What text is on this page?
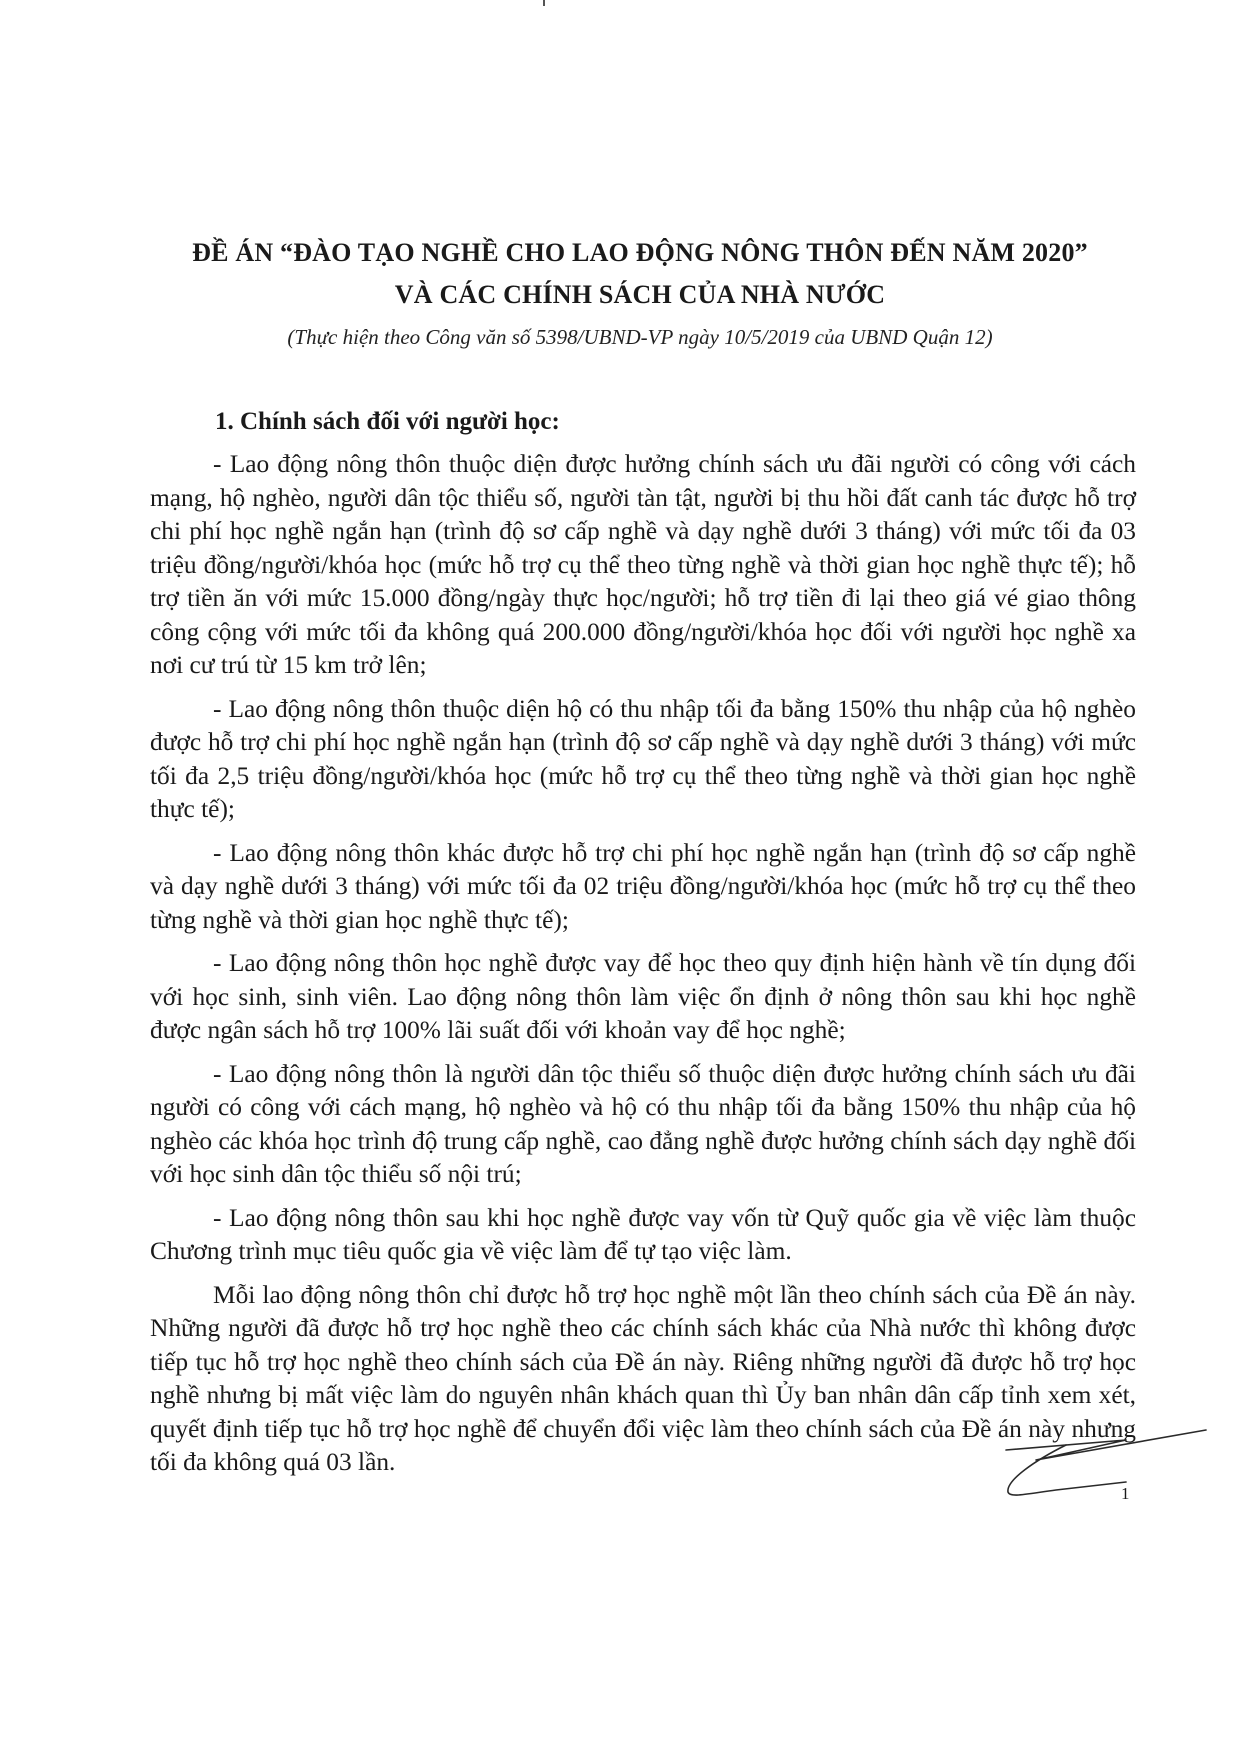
ĐỀ ÁN “ĐÀO TẠO NGHỀ CHO LAO ĐỘNG NÔNG THÔN ĐẾN NĂM 2020”
VÀ CÁC CHÍNH SÁCH CỦA NHÀ NƯỚC

(Thực hiện theo Công văn số 5398/UBND-VP ngày 10/5/2019 của UBND Quận 12)

1. Chính sách đối với người học:

- Lao động nông thôn thuộc diện được hưởng chính sách ưu đãi người có công với cách mạng, hộ nghèo, người dân tộc thiểu số, người tàn tật, người bị thu hồi đất canh tác được hỗ trợ chi phí học nghề ngắn hạn (trình độ sơ cấp nghề và dạy nghề dưới 3 tháng) với mức tối đa 03 triệu đồng/người/khóa học (mức hỗ trợ cụ thể theo từng nghề và thời gian học nghề thực tế); hỗ trợ tiền ăn với mức 15.000 đồng/ngày thực học/người; hỗ trợ tiền đi lại theo giá vé giao thông công cộng với mức tối đa không quá 200.000 đồng/người/khóa học đối với người học nghề xa nơi cư trú từ 15 km trở lên;

- Lao động nông thôn thuộc diện hộ có thu nhập tối đa bằng 150% thu nhập của hộ nghèo được hỗ trợ chi phí học nghề ngắn hạn (trình độ sơ cấp nghề và dạy nghề dưới 3 tháng) với mức tối đa 2,5 triệu đồng/người/khóa học (mức hỗ trợ cụ thể theo từng nghề và thời gian học nghề thực tế);

- Lao động nông thôn khác được hỗ trợ chi phí học nghề ngắn hạn (trình độ sơ cấp nghề và dạy nghề dưới 3 tháng) với mức tối đa 02 triệu đồng/người/khóa học (mức hỗ trợ cụ thể theo từng nghề và thời gian học nghề thực tế);

- Lao động nông thôn học nghề được vay để học theo quy định hiện hành về tín dụng đối với học sinh, sinh viên. Lao động nông thôn làm việc ổn định ở nông thôn sau khi học nghề được ngân sách hỗ trợ 100% lãi suất đối với khoản vay để học nghề;

- Lao động nông thôn là người dân tộc thiểu số thuộc diện được hưởng chính sách ưu đãi người có công với cách mạng, hộ nghèo và hộ có thu nhập tối đa bằng 150% thu nhập của hộ nghèo các khóa học trình độ trung cấp nghề, cao đẳng nghề được hưởng chính sách dạy nghề đối với học sinh dân tộc thiểu số nội trú;

- Lao động nông thôn sau khi học nghề được vay vốn từ Quỹ quốc gia về việc làm thuộc Chương trình mục tiêu quốc gia về việc làm để tự tạo việc làm.

Mỗi lao động nông thôn chỉ được hỗ trợ học nghề một lần theo chính sách của Đề án này. Những người đã được hỗ trợ học nghề theo các chính sách khác của Nhà nước thì không được tiếp tục hỗ trợ học nghề theo chính sách của Đề án này. Riêng những người đã được hỗ trợ học nghề nhưng bị mất việc làm do nguyên nhân khách quan thì Ủy ban nhân dân cấp tỉnh xem xét, quyết định tiếp tục hỗ trợ học nghề để chuyển đổi việc làm theo chính sách của Đề án này nhưng tối đa không quá 03 lần.

1
